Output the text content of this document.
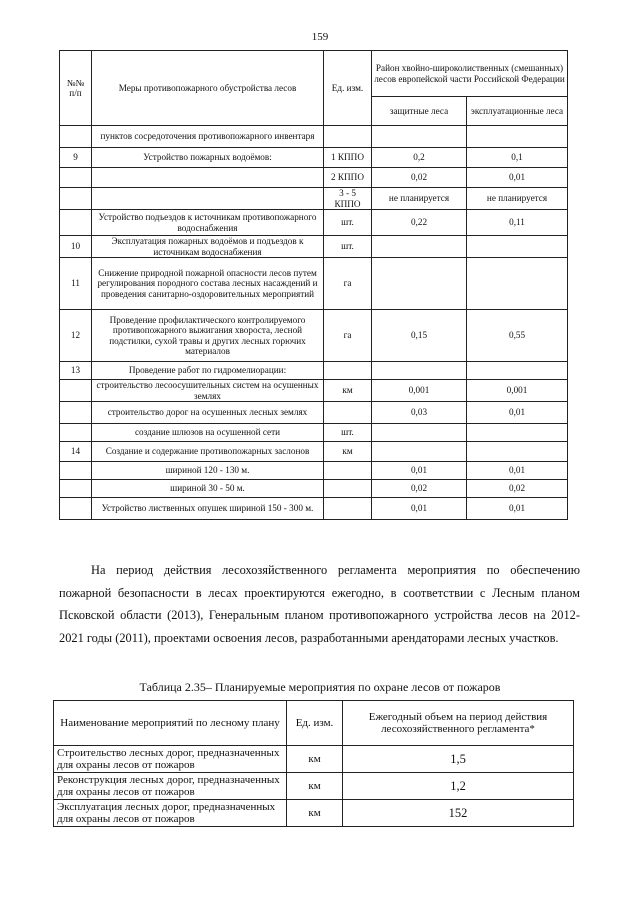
159
№№ п/п	Меры противопожарного обустройства лесов	Ед. изм.	Район хвойно-широколиственных (смешанных) лесов европейской части Российской Федерации	
			защитные леса	эксплуатационные леса
	пунктов сосредоточения противопожарного инвентаря			
9	Устройство пожарных водоёмов:	1 КППО	0,2	0,1
		2 КППО	0,02	0,01
		3 - 5 КППО	не планируется	не планируется
	Устройство подъездов к источникам противопожарного водоснабжения	шт.	0,22	0,11
10	Эксплуатация пожарных водоёмов и подъездов к источникам водоснабжения	шт.		
11	Снижение природной пожарной опасности лесов путем регулирования породного состава лесных насаждений и проведения санитарно-оздоровительных мероприятий	га		
12	Проведение профилактического контролируемого противопожарного выжигания хвороста, лесной подстилки, сухой травы и других лесных горючих материалов	га	0,15	0,55
13	Проведение работ по гидромелиорации:			
	строительство лесоосушительных систем на осушенных землях	км	0,001	0,001
	строительство дорог на осушенных лесных землях		0,03	0,01
	создание шлюзов на осушенной сети	шт.		
14	Создание и содержание противопожарных заслонов	км		
	шириной 120 - 130 м.		0,01	0,01
	шириной 30 - 50 м.		0,02	0,02
	Устройство лиственных опушек шириной 150 - 300 м.		0,01	0,01

На период действия лесохозяйственного регламента мероприятия по обеспечению пожарной безопасности в лесах проектируются ежегодно, в соответствии с Лесным планом Псковской области (2013), Генеральным планом противопожарного устройства лесов на 2012-2021 годы (2011), проектами освоения лесов, разработанными арендаторами лесных участков.

Таблица 2.35– Планируемые мероприятия по охране лесов от пожаров
Наименование мероприятий по лесному плану	Ед. изм.	Ежегодный объем на период действия лесохозяйственного регламента*
Строительство лесных дорог, предназначенных для охраны лесов от пожаров	км	1,5
Реконструкция лесных дорог, предназначенных для охраны лесов от пожаров	км	1,2
Эксплуатация лесных дорог, предназначенных для охраны лесов от пожаров	км	152
